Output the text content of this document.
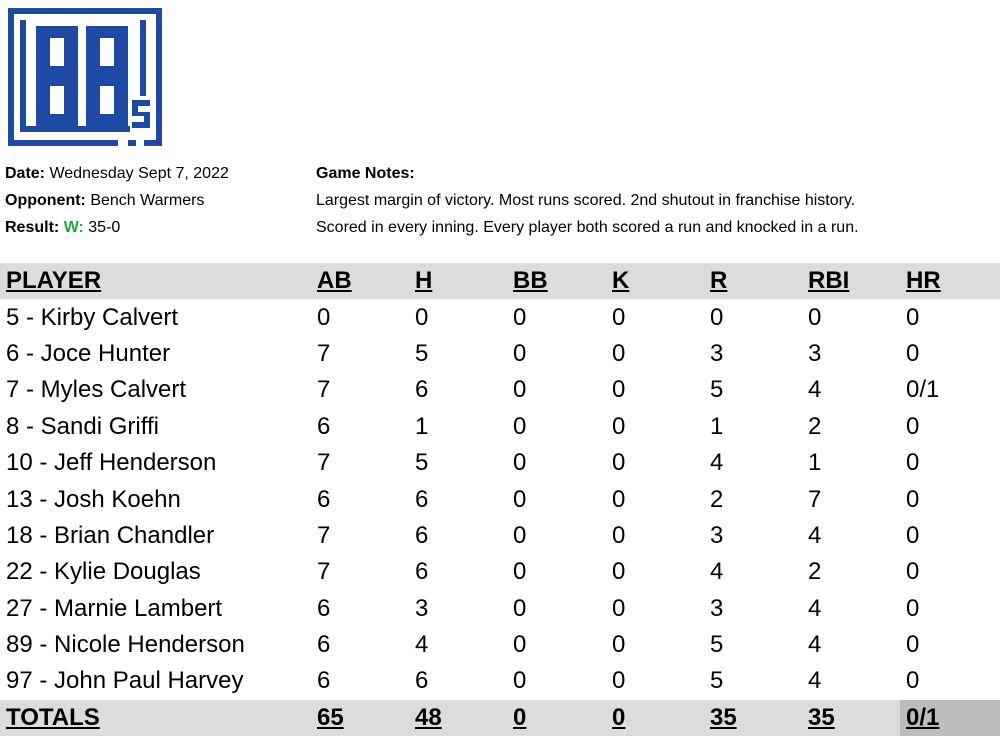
Date: Wednesday Sept 7, 2022
Opponent: Bench Warmers
Result: W: 35-0
Game Notes:
Largest margin of victory. Most runs scored. 2nd shutout in franchise history.
Scored in every inning. Every player both scored a run and knocked in a run.
PLAYER	AB	H	BB	K	R	RBI	HR
5 - Kirby Calvert	0	0	0	0	0	0	0
6 - Joce Hunter	7	5	0	0	3	3	0
7 - Myles Calvert	7	6	0	0	5	4	0/1
8 - Sandi Griffi	6	1	0	0	1	2	0
10 - Jeff Henderson	7	5	0	0	4	1	0
13 - Josh Koehn	6	6	0	0	2	7	0
18 - Brian Chandler	7	6	0	0	3	4	0
22 - Kylie Douglas	7	6	0	0	4	2	0
27 - Marnie Lambert	6	3	0	0	3	4	0
89 - Nicole Henderson	6	4	0	0	5	4	0
97 - John Paul Harvey	6	6	0	0	5	4	0
TOTALS	65	48	0	0	35	35	0/1
